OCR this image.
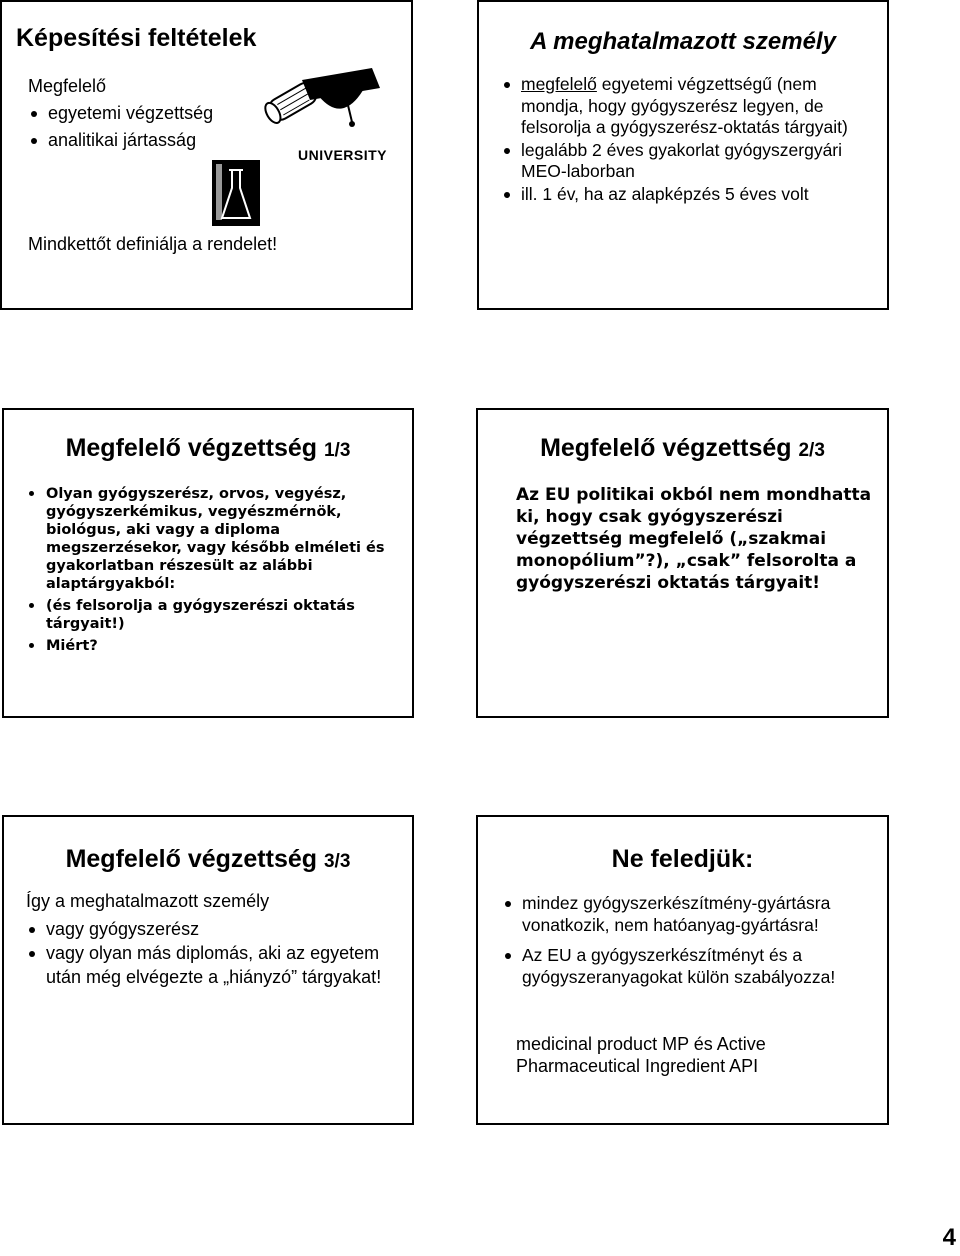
Képesítési feltételek
Megfelelő
egyetemi végzettség
analitikai jártasság
UNIVERSITY
Mindkettőt definiálja a rendelet!
A meghatalmazott személy
megfelelő egyetemi végzettségű (nem mondja, hogy gyógyszerész legyen, de felsorolja a gyógyszerész-oktatás tárgyait)
legalább 2 éves gyakorlat gyógyszergyári MEO-laborban
ill. 1 év, ha az alapképzés 5 éves volt
Megfelelő végzettség 1/3
Olyan gyógyszerész, orvos, vegyész, gyógyszerkémikus, vegyészmérnök, biológus, aki vagy a diploma megszerzésekor, vagy később elméleti és gyakorlatban részesült az alábbi alaptárgyakból:
(és felsorolja a gyógyszerészi oktatás tárgyait!)
Miért?
Megfelelő végzettség 2/3
Az EU politikai okból nem mondhatta ki, hogy csak gyógyszerészi végzettség megfelelő („szakmai monopólium”?), „csak” felsorolta a gyógyszerészi oktatás tárgyait!
Megfelelő végzettség 3/3
Így a meghatalmazott személy
vagy gyógyszerész
vagy olyan más diplomás, aki az egyetem után még elvégezte a „hiányzó” tárgyakat!
Ne feledjük:
mindez gyógyszerkészítmény-gyártásra vonatkozik, nem hatóanyag-gyártásra!
Az EU a gyógyszerkészítményt és a gyógyszeranyagokat külön szabályozza!
medicinal product MP és Active Pharmaceutical Ingredient API
4
